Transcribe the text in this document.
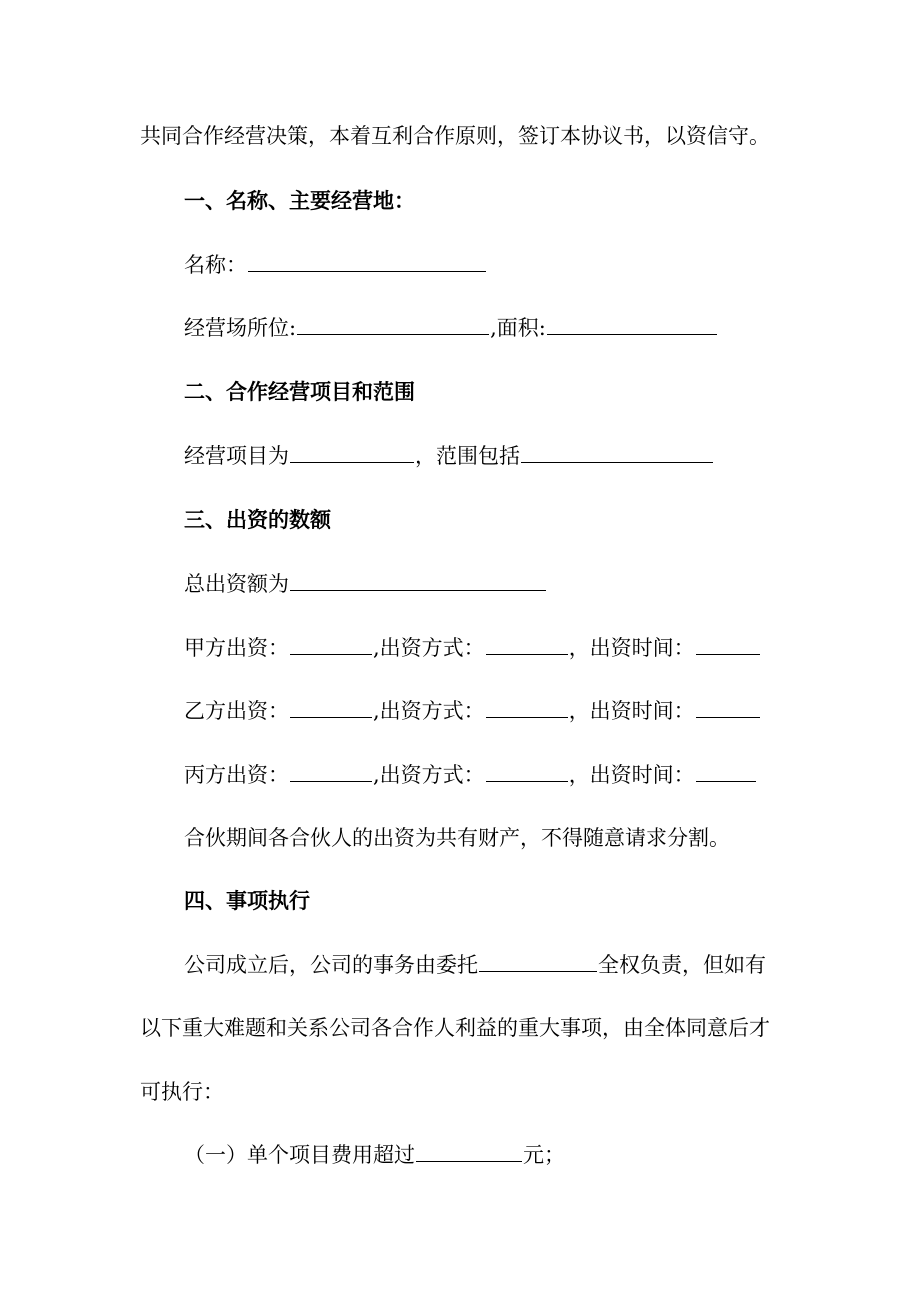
共同合作经营决策，本着互利合作原则，签订本协议书，以资信守。
一、名称、主要经营地：
名称：
经营场所位:	,面积:
二、合作经营项目和范围
经营项目为	，范围包括
三、出资的数额
总出资额为
甲方出资：	,出资方式：	，出资时间：
乙方出资：	,出资方式：	，出资时间：
丙方出资：	,出资方式：	，出资时间：
合伙期间各合伙人的出资为共有财产，不得随意请求分割。
四、事项执行
公司成立后，公司的事务由委托	全权负责，但如有
以下重大难题和关系公司各合作人利益的重大事项，由全体同意后才
可执行：
（一）单个项目费用超过	元；
